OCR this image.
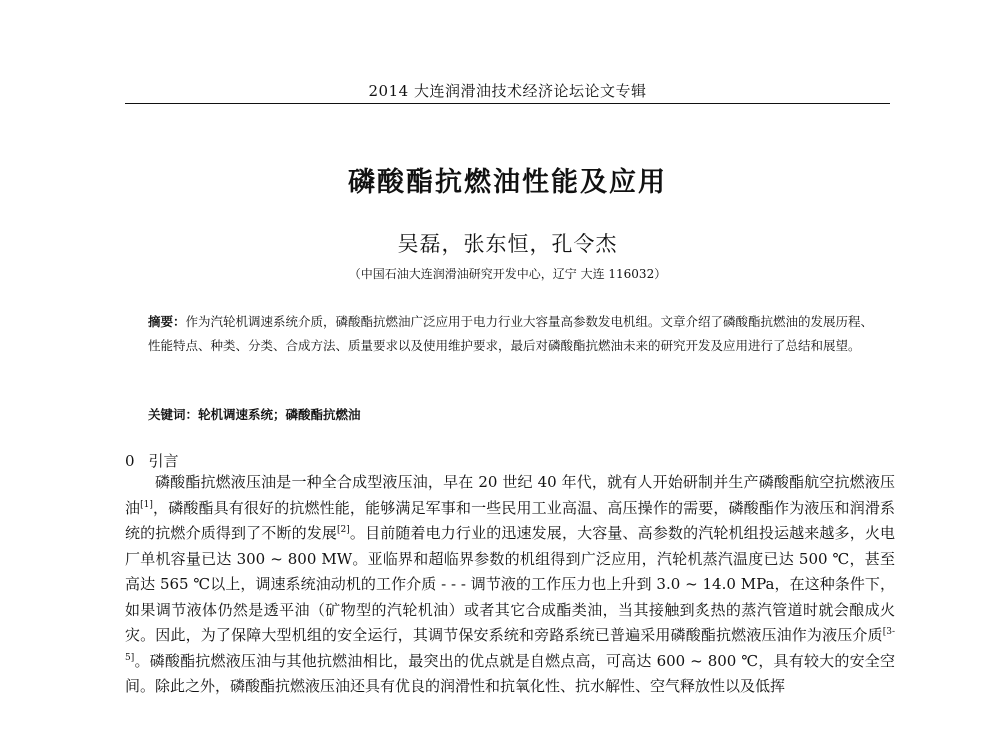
2014 大连润滑油技术经济论坛论文专辑
磷酸酯抗燃油性能及应用
吴磊，张东恒，孔令杰
（中国石油大连润滑油研究开发中心，辽宁 大连 116032）
摘要：作为汽轮机调速系统介质，磷酸酯抗燃油广泛应用于电力行业大容量高参数发电机组。文章介绍了磷酸酯抗燃油的发展历程、性能特点、种类、分类、合成方法、质量要求以及使用维护要求，最后对磷酸酯抗燃油未来的研究开发及应用进行了总结和展望。
关键词：轮机调速系统；磷酸酯抗燃油
0 引言
磷酸酯抗燃液压油是一种全合成型液压油，早在 20 世纪 40 年代，就有人开始研制并生产磷酸酯航空抗燃液压油[1]，磷酸酯具有很好的抗燃性能，能够满足军事和一些民用工业高温、高压操作的需要，磷酸酯作为液压和润滑系统的抗燃介质得到了不断的发展[2]。目前随着电力行业的迅速发展，大容量、高参数的汽轮机组投运越来越多，火电厂单机容量已达 300 ~ 800 MW。亚临界和超临界参数的机组得到广泛应用，汽轮机蒸汽温度已达 500 ℃，甚至高达 565 ℃以上，调速系统油动机的工作介质 - - - 调节液的工作压力也上升到 3.0 ~ 14.0 MPa，在这种条件下，如果调节液体仍然是透平油（矿物型的汽轮机油）或者其它合成酯类油，当其接触到炙热的蒸汽管道时就会酿成火灾。因此，为了保障大型机组的安全运行，其调节保安系统和旁路系统已普遍采用磷酸酯抗燃液压油作为液压介质[3-5]。磷酸酯抗燃液压油与其他抗燃油相比，最突出的优点就是自燃点高，可高达 600 ~ 800 ℃，具有较大的安全空间。除此之外，磷酸酯抗燃液压油还具有优良的润滑性和抗氧化性、抗水解性、空气释放性以及低挥
